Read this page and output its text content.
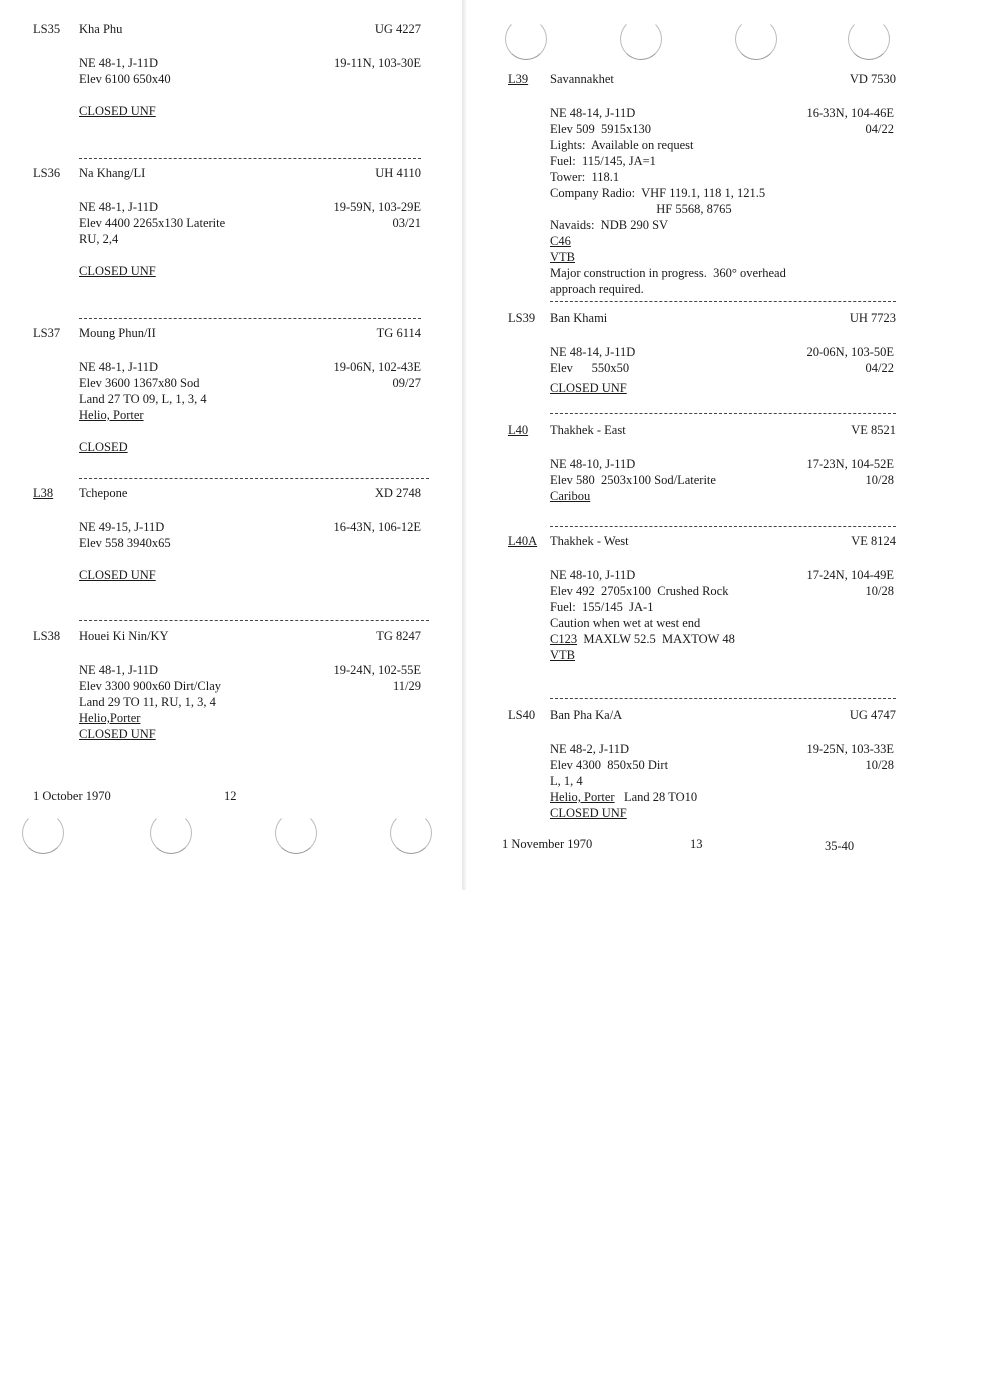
LS35 Kha Phu	UG 4227
NE 48-1, J-11D	19-11N, 103-30E
Elev 6100 650x40
CLOSED UNF
LS36 Na Khang/LI	UH 4110
NE 48-1, J-11D	19-59N, 103-29E
Elev 4400 2265x130 Laterite	03/21
RU, 2,4
CLOSED UNF
LS37 Moung Phun/II	TG 6114
NE 48-1, J-11D	19-06N, 102-43E
Elev 3600 1367x80 Sod	09/27
Land 27 TO 09, L, 1, 3, 4
Helio, Porter
CLOSED
L38 Tchepone	XD 2748
NE 49-15, J-11D	16-43N, 106-12E
Elev 558 3940x65
CLOSED UNF
LS38 Houei Ki Nin/KY	TG 8247
NE 48-1, J-11D	19-24N, 102-55E
Elev 3300 900x60 Dirt/Clay	11/29
Land 29 TO 11, RU, 1, 3, 4
Helio,Porter
CLOSED UNF
1 October 1970	12
L39 Savannakhet	VD 7530
NE 48-14, J-11D	16-33N, 104-46E
Elev 509  5915x130	04/22
Lights:  Available on request
Fuel:  115/145, JA=1
Tower:  118.1
Company Radio:  VHF 119.1, 118 1, 121.5
HF 5568, 8765
Navaids:  NDB 290 SV
C46
VTB
Major construction in progress.  360° overhead
approach required.
LS39 Ban Khami	UH 7723
NE 48-14, J-11D	20-06N, 103-50E
Elev      550x50	04/22
CLOSED UNF
L40 Thakhek - East	VE 8521
NE 48-10, J-11D	17-23N, 104-52E
Elev 580  2503x100 Sod/Laterite	10/28
Caribou
L40A Thakhek - West	VE 8124
NE 48-10, J-11D	17-24N, 104-49E
Elev 492  2705x100  Crushed Rock	10/28
Fuel:  155/145  JA-1
Caution when wet at west end
C123  MAXLW 52.5  MAXTOW 48
VTB
LS40 Ban Pha Ka/A	UG 4747
NE 48-2, J-11D	19-25N, 103-33E
Elev 4300  850x50 Dirt	10/28
L, 1, 4
Helio, Porter   Land 28 TO10
CLOSED UNF
1 November 1970	13	35-40
